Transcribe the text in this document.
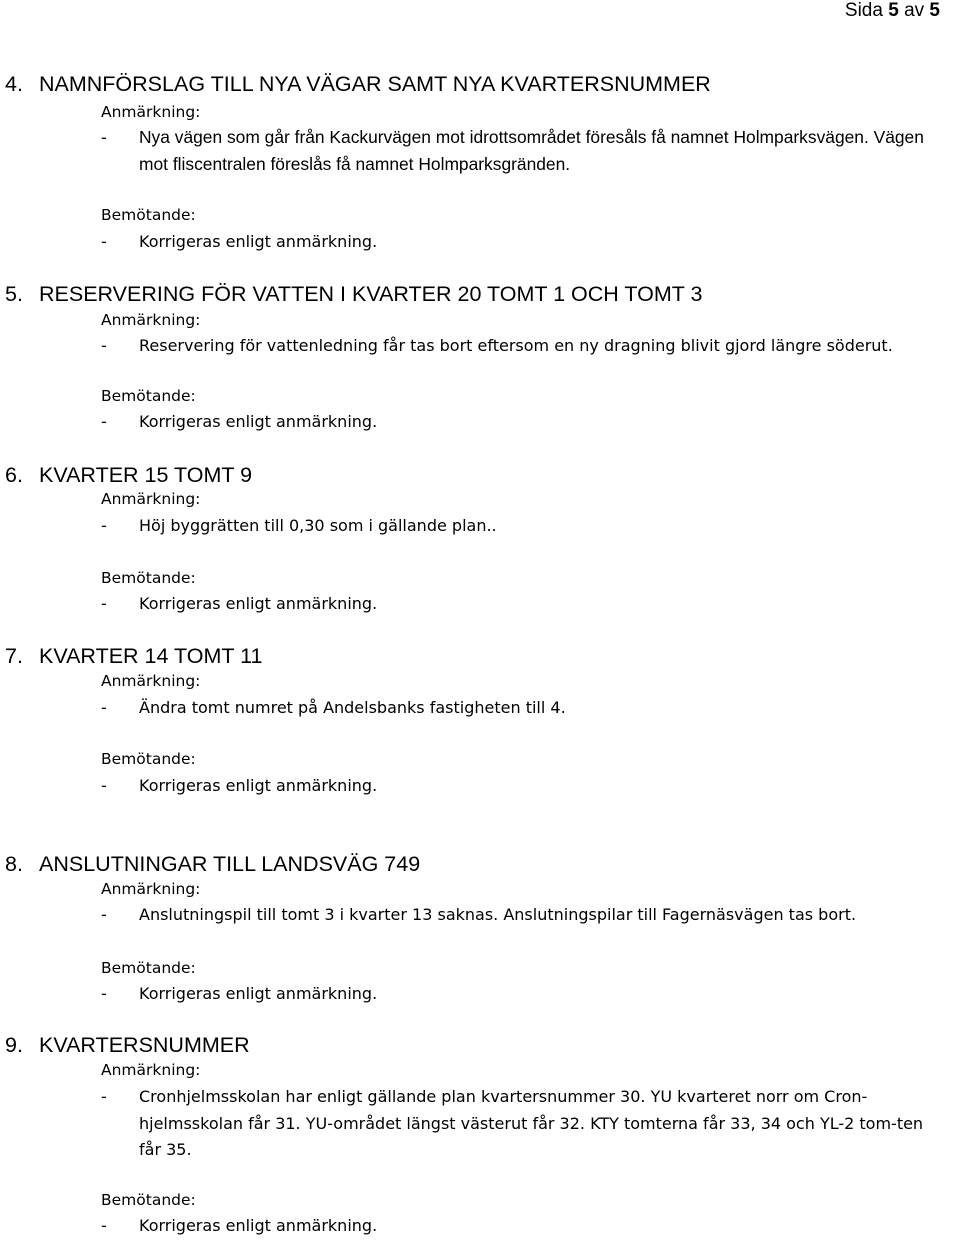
Sida 5 av 5
4. NAMNFÖRSLAG TILL NYA VÄGAR SAMT NYA KVARTERSNUMMER
Anmärkning:
- Nya vägen som går från Kackurvägen mot idrottsområdet föresåls få namnet Holmparksvägen. Vägen mot fliscentralen föreslås få namnet Holmparksgränden.
Bemötande:
- Korrigeras enligt anmärkning.
5. RESERVERING FÖR VATTEN I KVARTER 20 TOMT 1 OCH TOMT 3
Anmärkning:
- Reservering för vattenledning får tas bort eftersom en ny dragning blivit gjord längre söderut.
Bemötande:
- Korrigeras enligt anmärkning.
6. KVARTER 15 TOMT 9
Anmärkning:
- Höj byggrätten till 0,30 som i gällande plan..
Bemötande:
- Korrigeras enligt anmärkning.
7. KVARTER 14 TOMT 11
Anmärkning:
- Ändra tomt numret på Andelsbanks fastigheten till 4.
Bemötande:
- Korrigeras enligt anmärkning.
8. ANSLUTNINGAR TILL LANDSVÄG 749
Anmärkning:
- Anslutningspil till tomt 3 i kvarter 13 saknas. Anslutningspilar till Fagernäsvägen tas bort.
Bemötande:
- Korrigeras enligt anmärkning.
9. KVARTERSNUMMER
Anmärkning:
- Cronhjelmsskolan har enligt gällande plan kvartersnummer 30. YU kvarteret norr om Cron-hjelmsskolan får 31. YU-området längst västerut får 32. KTY tomterna får 33, 34 och YL-2 tom-ten får 35.
Bemötande:
- Korrigeras enligt anmärkning.
